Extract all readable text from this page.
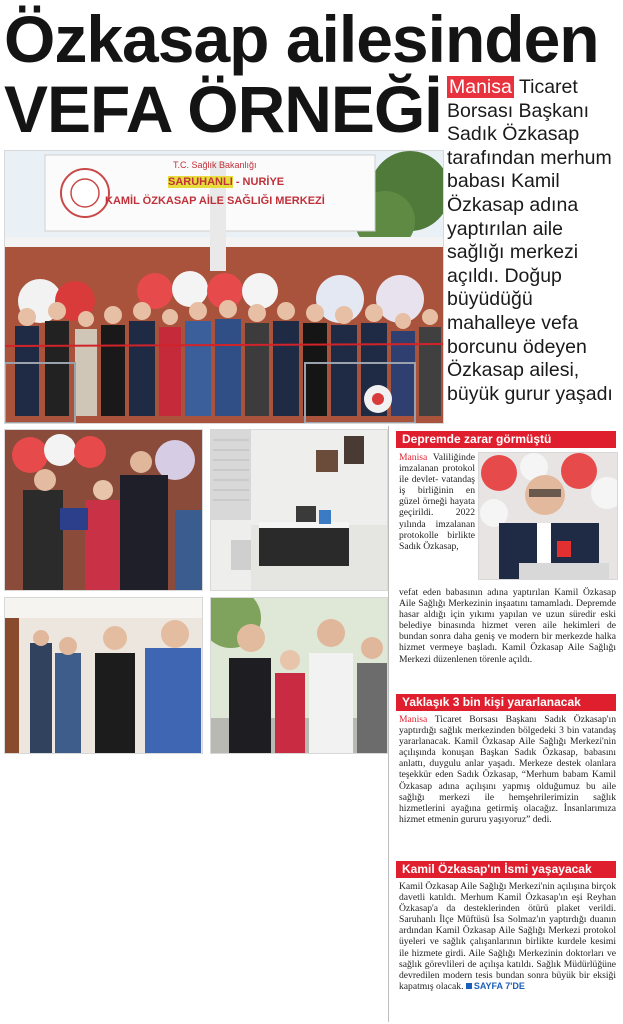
Özkasap ailesinden
VEFA ÖRNEĞİ Manisa Ticaret Borsası Başkanı Sadık Özkasap tarafından merhum babası Kamil Özkasap adına yaptırılan aile sağlığı merkezi açıldı. Doğup büyüdüğü mahalleye vefa borcunu ödeyen Özkasap ailesi, büyük gurur yaşadı
T.C. Sağlık Bakanlığı
SARUHANLI - NURİYE
KAMİL ÖZKASAP AİLE SAĞLIĞI MERKEZİ
Depremde zarar görmüştü
Manisa Valiliğinde imzalanan protokol ile devlet- vatandaş iş birliğinin en güzel örneği hayata geçirildi. 2022 yılında imzalanan protokolle birlikte Sadık Özkasap,
vefat eden babasının adına yaptırılan Kamil Özkasap Aile Sağlığı Merkezinin inşaatını tamamladı. Depremde hasar aldığı için yıkımı yapılan ve uzun süredir eski belediye binasında hizmet veren aile hekimleri de bundan sonra daha geniş ve modern bir merkezde halka hizmet vermeye başladı. Kamil Özkasap Aile Sağlığı Merkezi düzenlenen törenle açıldı.
Yaklaşık 3 bin kişi yararlanacak
Manisa Ticaret Borsası Başkanı Sadık Özkasap'ın yaptırdığı sağlık merkezinden bölgedeki 3 bin vatandaş yararlanacak. Kamil Özkasap Aile Sağlığı Merkezi'nin açılışında konuşan Başkan Sadık Özkasap, babasını anlattı, duygulu anlar yaşadı. Merkeze destek olanlara teşekkür eden Sadık Özkasap, “Merhum babam Kamil Özkasap adına açılışını yapmış olduğumuz bu aile sağlığı merkezi ile hemşehrilerimizin sağlık hizmetlerini ayağına getirmiş olacağız. İnsanlarımıza hizmet etmenin gururu yaşıyoruz” dedi.
Kamil Özkasap'ın İsmi yaşayacak
Kamil Özkasap Aile Sağlığı Merkezi'nin açılışına birçok davetli katıldı. Merhum Kamil Özkasap'ın eşi Reyhan Özkasap'a da desteklerinden ötürü plaket verildi. Saruhanlı İlçe Müftüsü İsa Solmaz'ın yaptırdığı duanın ardından Kamil Özkasap Aile Sağlığı Merkezi protokol üyeleri ve sağlık çalışanlarının birlikte kurdele kesimi ile hizmete girdi. Aile Sağlığı Merkezinin doktorları ve sağlık görevlileri de açılışa katıldı. Sağlık Müdürlüğüne devredilen modern tesis bundan sonra büyük bir eksiği kapatmış olacak. SAYFA 7'DE
